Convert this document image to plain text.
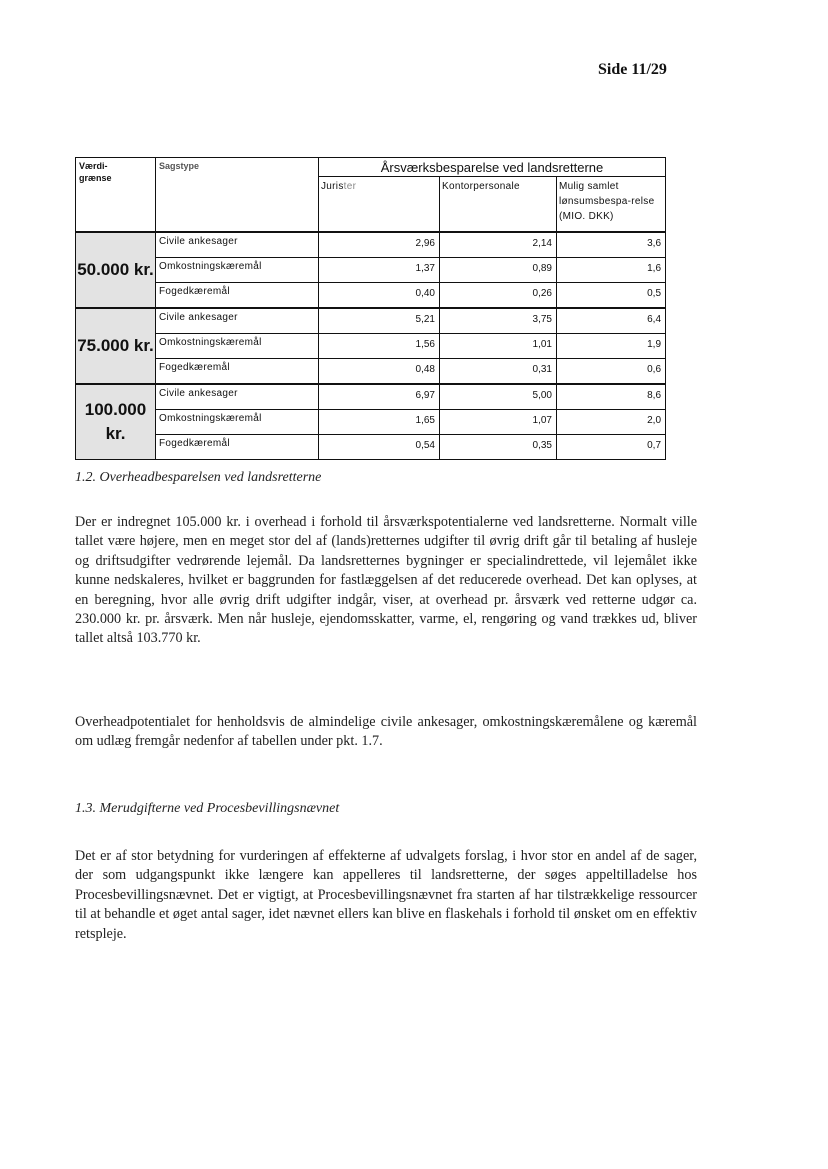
Side 11/29
Værdi-
grænse	Sagstype	Årsværksbesparelse ved landsretterne		
		Jurister	Kontorpersonale	Mulig samlet lønsumsbespa-relse (MIO. DKK)
50.000 kr.	Civile ankesager	2,96	2,14	3,6
	Omkostningskæremål	1,37	0,89	1,6
	Fogedkæremål	0,40	0,26	0,5
75.000 kr.	Civile ankesager	5,21	3,75	6,4
	Omkostningskæremål	1,56	1,01	1,9
	Fogedkæremål	0,48	0,31	0,6
100.000 kr.	Civile ankesager	6,97	5,00	8,6
	Omkostningskæremål	1,65	1,07	2,0
	Fogedkæremål	0,54	0,35	0,7
1.2. Overheadbesparelsen ved landsretterne

Der er indregnet 105.000 kr. i overhead i forhold til årsværkspotentialerne ved landsretterne. Normalt ville tallet være højere, men en meget stor del af (lands)retternes udgifter til øvrig drift går til betaling af husleje og driftsudgifter vedrørende lejemål. Da landsretternes bygninger er specialindrettede, vil lejemålet ikke kunne nedskaleres, hvilket er baggrunden for fastlæggelsen af det reducerede overhead. Det kan oplyses, at en beregning, hvor alle øvrig drift udgifter indgår, viser, at overhead pr. årsværk ved retterne udgør ca. 230.000 kr. pr. årsværk. Men når husleje, ejendomsskatter, varme, el, rengøring og vand trækkes ud, bliver tallet altså 103.770 kr.

Overheadpotentialet for henholdsvis de almindelige civile ankesager, omkostningskæremålene og kæremål om udlæg fremgår nedenfor af tabellen under pkt. 1.7.

1.3. Merudgifterne ved Procesbevillingsnævnet

Det er af stor betydning for vurderingen af effekterne af udvalgets forslag, i hvor stor en andel af de sager, der som udgangspunkt ikke længere kan appelleres til landsretterne, der søges appeltilladelse hos Procesbevillingsnævnet. Det er vigtigt, at Procesbevillingsnævnet fra starten af har tilstrækkelige ressourcer til at behandle et øget antal sager, idet nævnet ellers kan blive en flaskehals i forhold til ønsket om en effektiv retspleje.
